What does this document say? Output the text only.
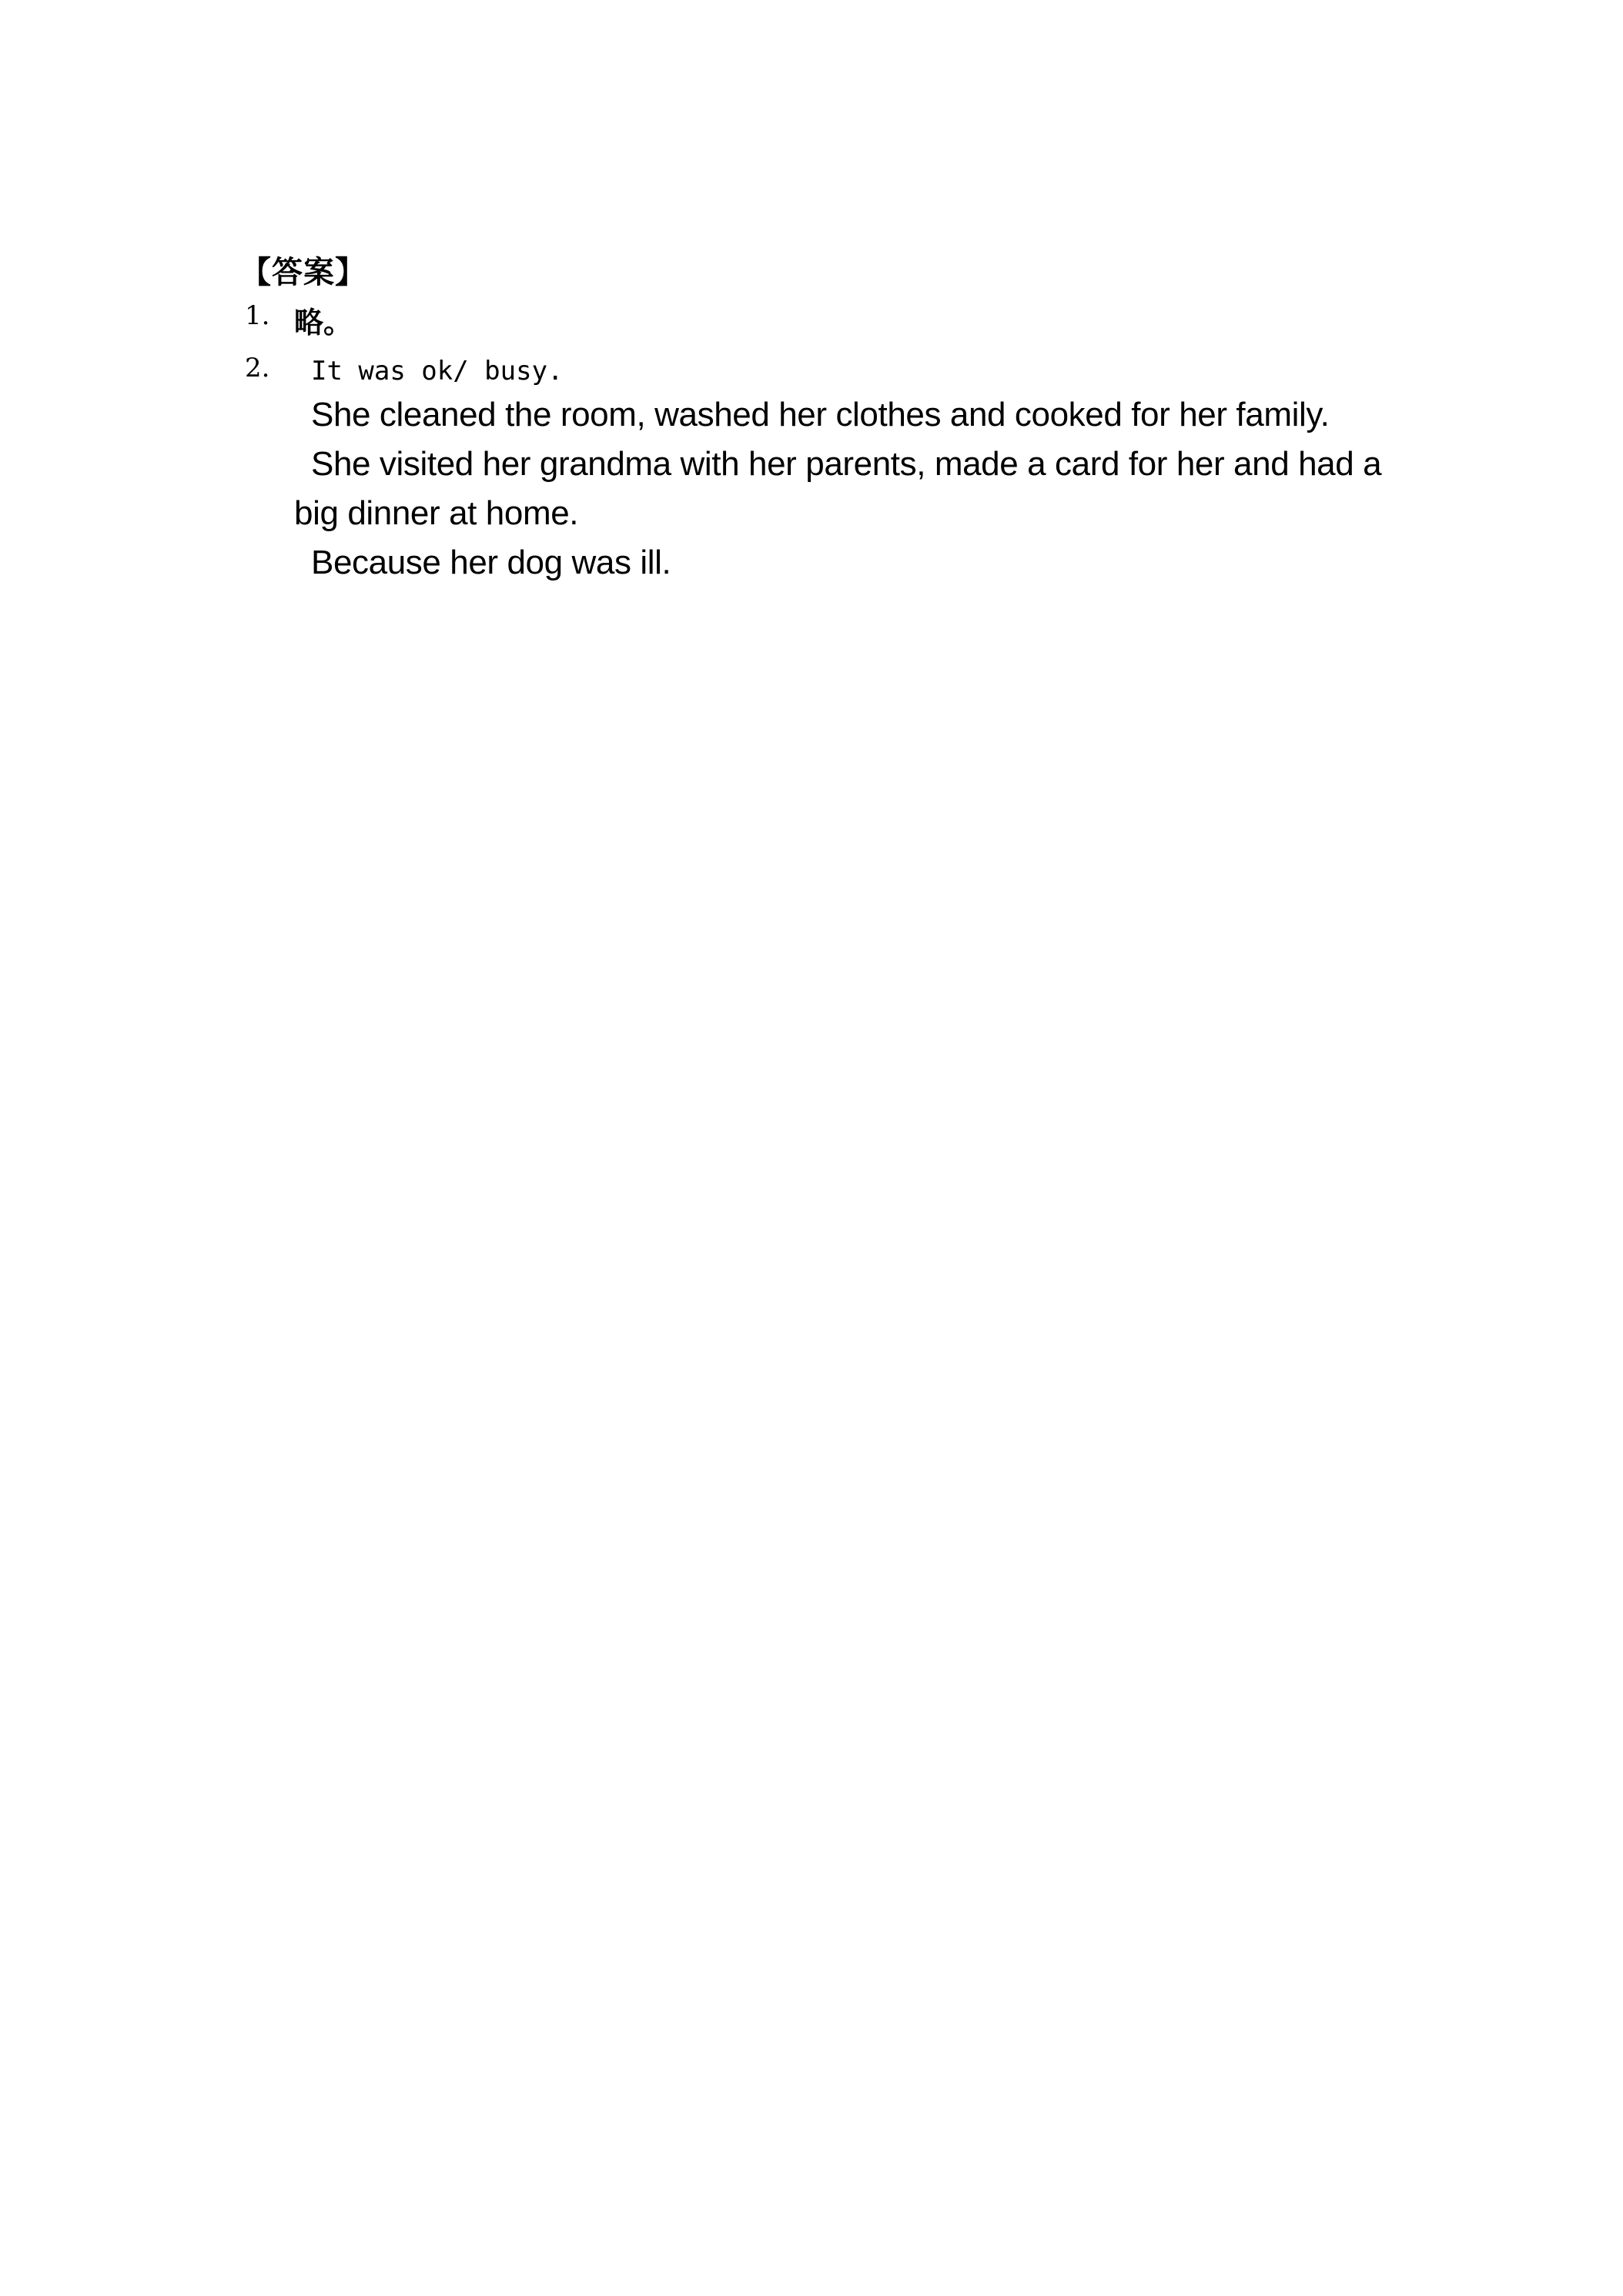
【答案】
1. 略。
2. It was ok/ busy.
She cleaned the room, washed her clothes and cooked for her family.
She visited her grandma with her parents, made a card for her and had a
big dinner at home.
Because her dog was ill.
